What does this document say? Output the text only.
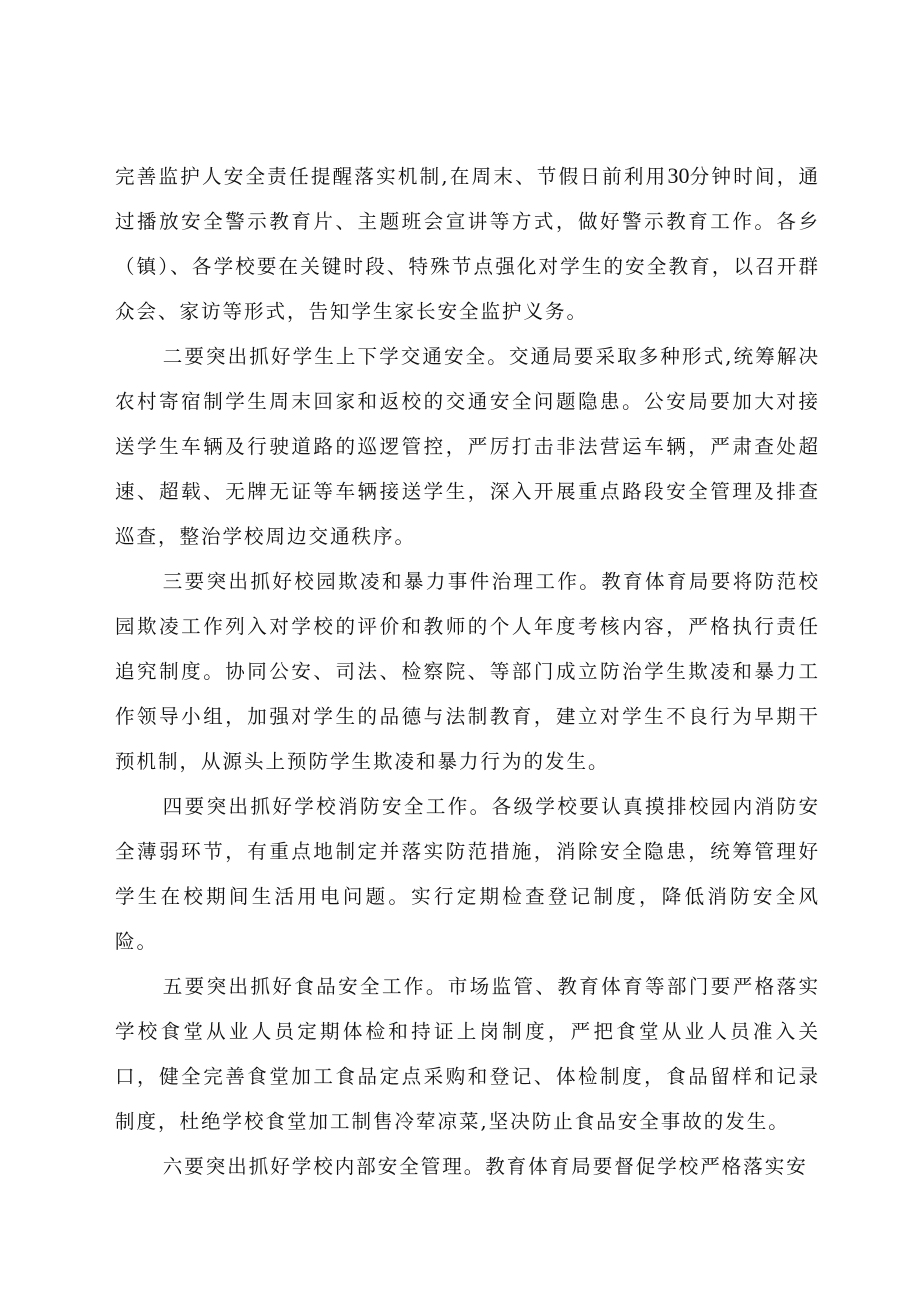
完善监护人安全责任提醒落实机制,在周末、节假日前利用30分钟时间，通过播放安全警示教育片、主题班会宣讲等方式，做好警示教育工作。各乡（镇）、各学校要在关键时段、特殊节点强化对学生的安全教育，以召开群众会、家访等形式，告知学生家长安全监护义务。

二要突出抓好学生上下学交通安全。交通局要采取多种形式,统筹解决农村寄宿制学生周末回家和返校的交通安全问题隐患。公安局要加大对接送学生车辆及行驶道路的巡逻管控，严厉打击非法营运车辆，严肃查处超速、超载、无牌无证等车辆接送学生，深入开展重点路段安全管理及排查巡查，整治学校周边交通秩序。

三要突出抓好校园欺凌和暴力事件治理工作。教育体育局要将防范校园欺凌工作列入对学校的评价和教师的个人年度考核内容，严格执行责任追究制度。协同公安、司法、检察院、等部门成立防治学生欺凌和暴力工作领导小组，加强对学生的品德与法制教育，建立对学生不良行为早期干预机制，从源头上预防学生欺凌和暴力行为的发生。

四要突出抓好学校消防安全工作。各级学校要认真摸排校园内消防安全薄弱环节，有重点地制定并落实防范措施，消除安全隐患，统筹管理好学生在校期间生活用电问题。实行定期检查登记制度，降低消防安全风险。

五要突出抓好食品安全工作。市场监管、教育体育等部门要严格落实学校食堂从业人员定期体检和持证上岗制度，严把食堂从业人员准入关口，健全完善食堂加工食品定点采购和登记、体检制度，食品留样和记录制度，杜绝学校食堂加工制售冷荤凉菜,坚决防止食品安全事故的发生。

六要突出抓好学校内部安全管理。教育体育局要督促学校严格落实安
